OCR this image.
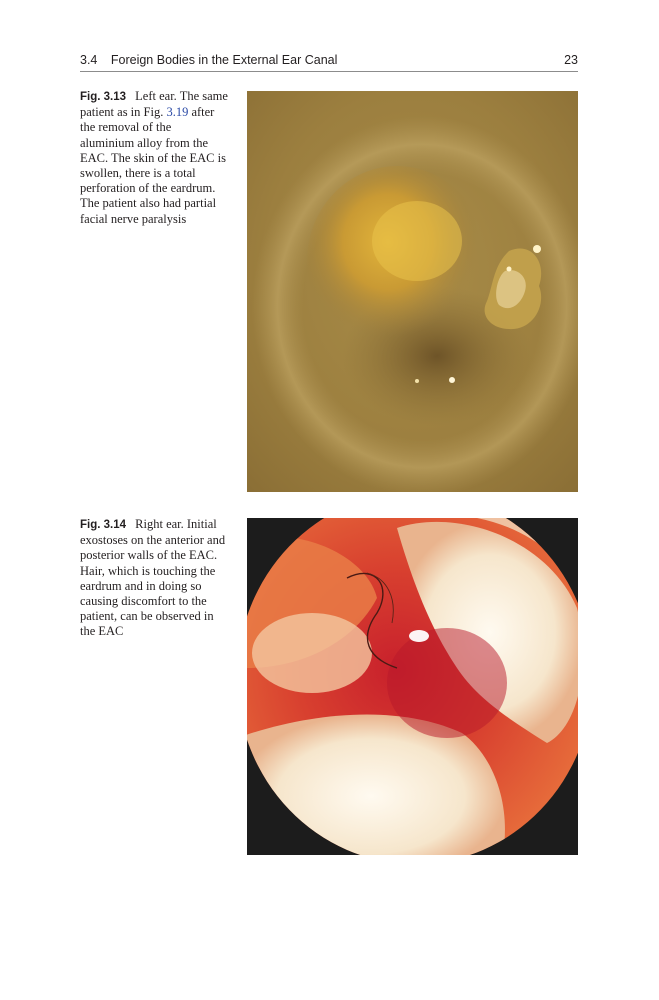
3.4 Foreign Bodies in the External Ear Canal	23
Fig. 3.13 Left ear. The same patient as in Fig. 3.19 after the removal of the aluminium alloy from the EAC. The skin of the EAC is swollen, there is a total perforation of the eardrum. The patient also had partial facial nerve paralysis
Fig. 3.14 Right ear. Initial exostoses on the anterior and posterior walls of the EAC. Hair, which is touching the eardrum and in doing so causing discomfort to the patient, can be observed in the EAC
